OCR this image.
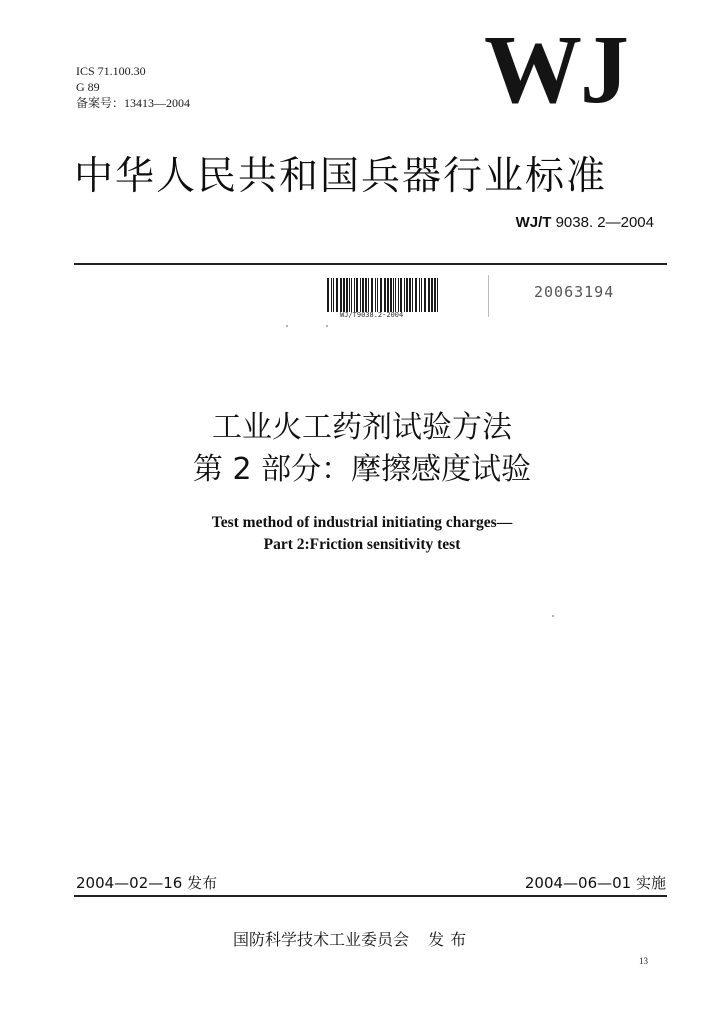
ICS 71.100.30
G 89
备案号：13413—2004	WJ
中华人民共和国兵器行业标准
WJ/T 9038. 2—2004
WJ/T9038.2-2004
20063194
工业火工药剂试验方法
第 2 部分：摩擦感度试验
Test method of industrial initiating charges—
Part 2:Friction sensitivity test
2004—02—16 发布	2004—06—01 实施
国防科学技术工业委员会 发布
13
